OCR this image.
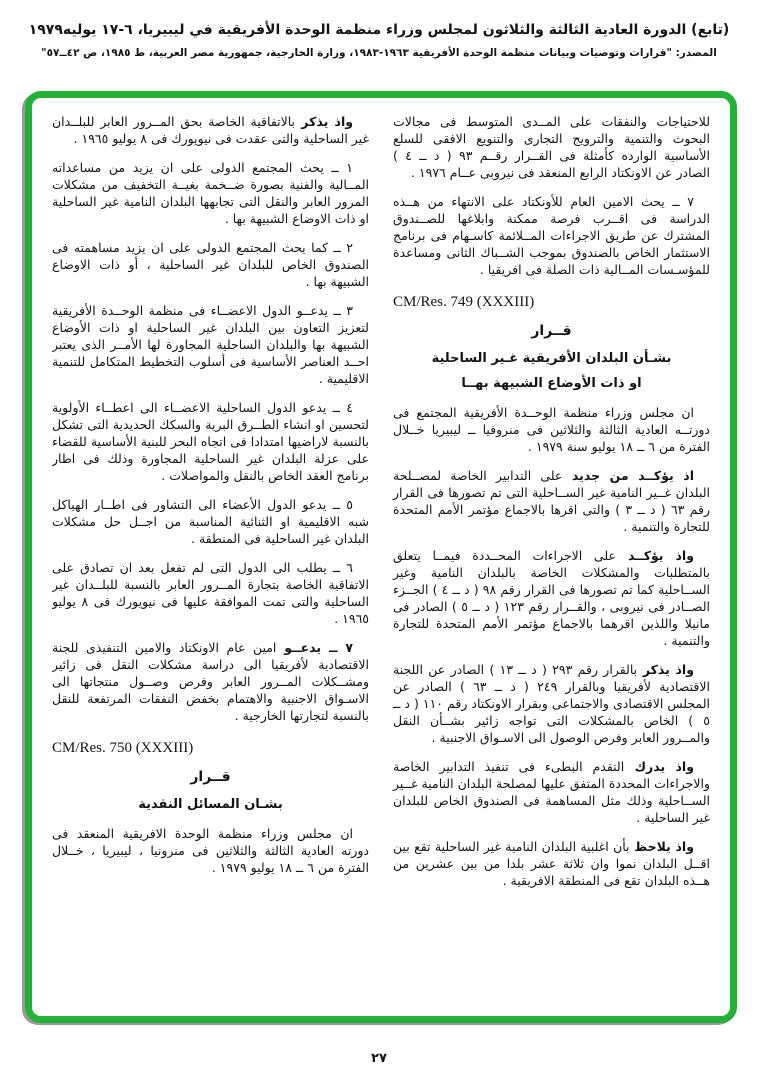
(تابع) الدورة العادية الثالثة والثلاثون لمجلس وزراء منظمة الوحدة الأفريقية في ليبيريا، ٦-١٧ يوليه١٩٧٩
المصدر: "قرارات وتوصيات وبيانات منظمة الوحدة الأفريقية ١٩٦٣-١٩٨٣، وزارة الخارجية، جمهورية مصر العربية، ط ١٩٨٥، ص ٤٢ــ٥٧"

للاحتياجات والنفقات على المــدى المتوسط فى مجالات البحوث والتنمية والترويج التجارى والتنويع الافقى للسلع الأساسية الوارده كأمثلة فى القــرار رقــم ٩٣ ( د ــ ٤ ) الصادر عن الاونكتاد الرابع المنعقد فى نيروبى عــام ١٩٧٦ .

٧ ــ يحث الامين العام للأونكتاد على الانتهاء من هــذه الدراسة فى اقــرب فرصة ممكنة وابلاغها للصــندوق المشترك عن طريق الاجراءات المــلائمة كاسـهام فى برنامج الاستثمار الخاص بالصندوق بموجب الشــباك الثانى ومساعدة للمؤسـسات المــالية ذات الصلة فى افريقيا .

CM/Res. 749 (XXXIII)
قــرار
بشـأن البلدان الأفريقية غـير الساحلية
او ذات الأوضاع الشبيهة بهــا

ان مجلس وزراء منظمة الوحــدة الأفريقية المجتمع فى دورتــه العادية الثالثة والثلاثين فى منروفيا ــ ليبيريا خــلال الفترة من ٦ ــ ١٨ يوليو سنة ١٩٧٩ .

اذ يؤكــد من جديد على التدابير الخاصة لمصــلحة البلدان غــير النامية غير الســاحلية التى تم تصورها فى القرار رقم ٦٣ ( د ــ ٣ ) والتى اقرها بالاجماع مؤتمر الأمم المتحدة للتجارة والتنمية .

واذ يؤكــد على الاجراءات المحــددة فيمــا يتعلق بالمتطلبات والمشكلات الخاصة بالبلدان النامية وغير الســاحلية كما تم تصورها فى القرار رقم ٩٨ ( د ــ ٤ ) الجــزء الصــادر فى نيروبى ، والقــرار رقم ١٢٣ ( د ــ ٥ ) الصادر فى مانيلا واللذين اقرهما بالاجماع مؤتمر الأمم المتحدة للتجارة والتنمية .

واذ يذكر بالقرار رقم ٢٩٣ ( د ــ ١٣ ) الصادر عن اللجنة الاقتصادية لأفريقيا وبالقرار ٢٤٩ ( د ــ ٦٣ ) الصادر عن المجلس الاقتصادى والاجتماعى وبقرار الاونكتاد رقم ١١٠ ( د ــ ٥ ) الخاص بالمشكلات التى تواجه زائير بشــأن النقل والمــرور العابر وفرص الوصول الى الاسـواق الاجنبية .

واذ يدرك التقدم البطىء فى تنفيذ التدابير الخاصة والاجراءات المحددة المتفق عليها لمصلحة البلدان النامية غــير الســاحلية وذلك مثل المساهمة فى الصندوق الخاص للبلدان غير الساحلية .

واذ يلاحظ بأن اغلبية البلدان النامية غير الساحلية تقع بين اقــل البلدان نموا وان ثلاثة عشر بلدا من بين عشرين من هــذه البلدان تقع فى المنطقة الافريقية .

واذ يذكر بالاتفاقية الخاصة بحق المــرور العابر للبلــدان غير الساحلية والتى عقدت فى نيويورك فى ٨ يوليو ١٩٦٥ .

١ ــ يحث المجتمع الدولى على ان يزيد من مساعداته المــالية والفنية بصورة ضــخمة بغيــة التخفيف من مشكلات المرور العابر والنقل التى تجابهها البلدان النامية غير الساحلية او ذات الاوضاع الشبيهة بها .

٢ ــ كما يحث المجتمع الدولى على ان يزيد مساهمته فى الصندوق الخاص للبلدان غير الساحلية ، أو ذات الاوضاع الشبيهة بها .

٣ ــ يدعــو الدول الاعضــاء فى منظمة الوحــدة الأفريقية لتعزيز التعاون بين البلدان غير الساحلية او ذات الأوضاع الشبيهة بها والبلدان الساحلية المجاورة لها الأمــر الذى يعتبر احــد العناصر الأساسية فى أسلوب التخطيط المتكامل للتنمية الاقليمية .

٤ ــ يدعو الدول الساحلية الاعضــاء الى اعطــاء الأولوية لتحسين او انشاء الطــرق البرية والسكك الحديدية التى تشكل بالنسبة لاراضيها امتدادا فى اتجاه البحر للبنية الأساسية للقضاء على عزلة البلدان غير الساحلية المجاورة وذلك فى اطار برنامج العقد الخاص بالنقل والمواصلات .

٥ ــ يدعو الدول الأعضاء الى التشاور فى اطــار الهياكل شبه الاقليمية او الثنائية المناسبة من اجــل حل مشكلات البلدان غير الساحلية فى المنطقة .

٦ ــ يطلب الى الدول التى لم تفعل بعد ان تصادق على الاتفاقية الخاصة بتجارة المــرور العابر بالنسبة للبلــدان غير الساحلية والتى تمت الموافقة عليها فى نيويورك فى ٨ يوليو ١٩٦٥ .

٧ ــ يدعــو امين عام الاونكتاد والامين التنفيذى للجنة الاقتصادية لأفريقيا الى دراسة مشكلات النقل فى زائير ومشــكلات المــرور العابر وفرص وصــول منتجاتها الى الاسـواق الاجنبية والاهتمام بخفض النفقات المرتفعة للنقل بالنسبة لتجارتها الخارجية .

CM/Res. 750 (XXXIII)
قــرار
بشـان المسائل النقدية

ان مجلس وزراء منظمة الوحدة الافريقية المنعقد فى دورته العادية الثالثة والثلاثين فى منرونيا ، ليبيريا ، خــلال الفترة من ٦ ــ ١٨ يوليو ١٩٧٩ .

٢٧
